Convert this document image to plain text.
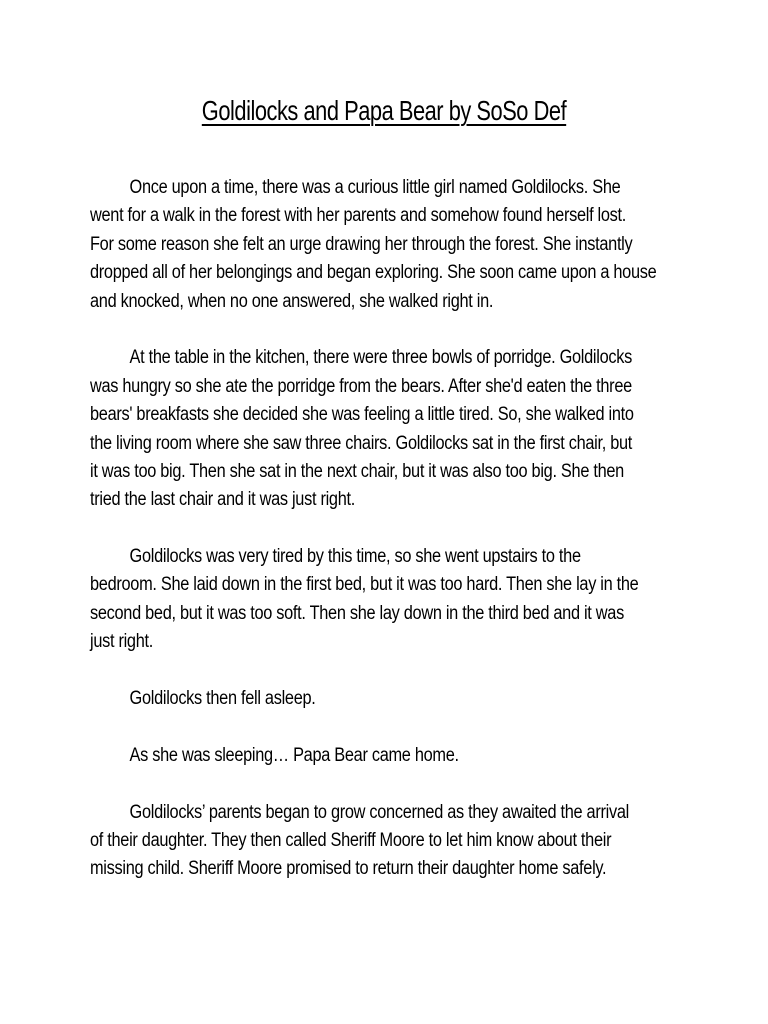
Goldilocks and Papa Bear by SoSo Def
Once upon a time, there was a curious little girl named Goldilocks. She
went for a walk in the forest with her parents and somehow found herself lost.
For some reason she felt an urge drawing her through the forest. She instantly
dropped all of her belongings and began exploring. She soon came upon a house
and knocked, when no one answered, she walked right in.
At the table in the kitchen, there were three bowls of porridge. Goldilocks
was hungry so she ate the porridge from the bears. After she'd eaten the three
bears' breakfasts she decided she was feeling a little tired. So, she walked into
the living room where she saw three chairs. Goldilocks sat in the first chair, but
it was too big. Then she sat in the next chair, but it was also too big. She then
tried the last chair and it was just right.
Goldilocks was very tired by this time, so she went upstairs to the
bedroom. She laid down in the first bed, but it was too hard. Then she lay in the
second bed, but it was too soft. Then she lay down in the third bed and it was
just right.
Goldilocks then fell asleep.
As she was sleeping… Papa Bear came home.
Goldilocks’ parents began to grow concerned as they awaited the arrival
of their daughter. They then called Sheriff Moore to let him know about their
missing child. Sheriff Moore promised to return their daughter home safely.
